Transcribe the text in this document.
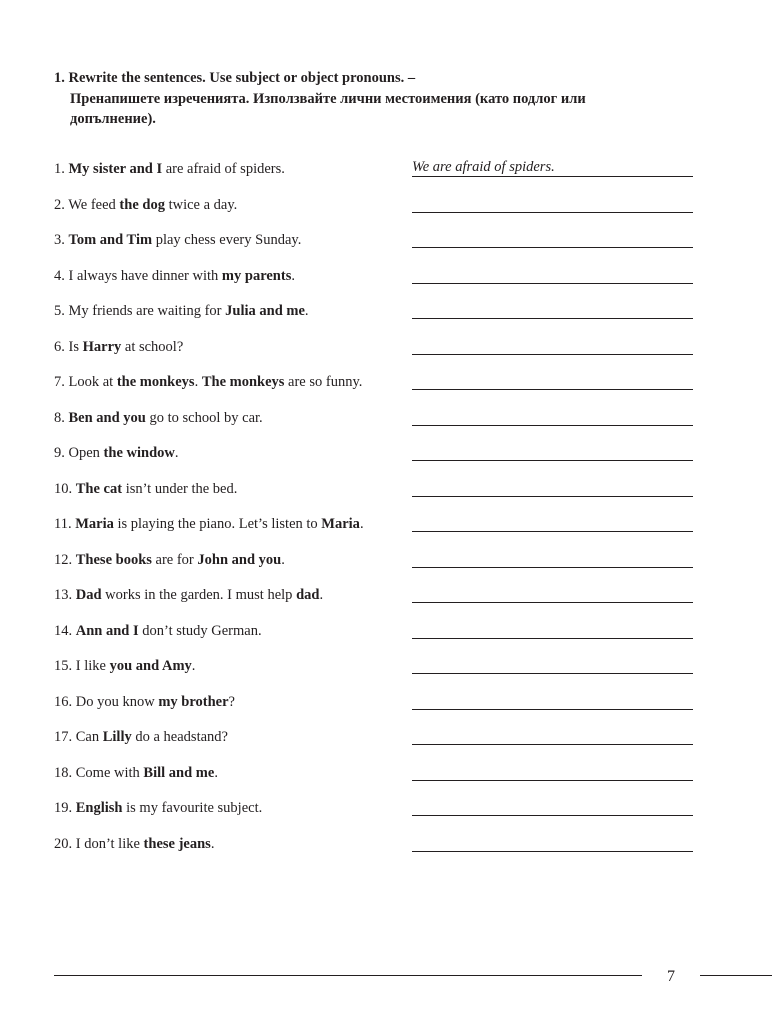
1. Rewrite the sentences. Use subject or object pronouns. –
Пренапишете изреченията. Използвайте лични местоимения (като подлог или
допълнение).
1. My sister and I are afraid of spiders.	We are afraid of spiders.
2. We feed the dog twice a day.
3. Tom and Tim play chess every Sunday.
4. I always have dinner with my parents.
5. My friends are waiting for Julia and me.
6. Is Harry at school?
7. Look at the monkeys. The monkeys are so funny.
8. Ben and you go to school by car.
9. Open the window.
10. The cat isn’t under the bed.
11. Maria is playing the piano. Let’s listen to Maria.
12. These books are for John and you.
13. Dad works in the garden. I must help dad.
14. Ann and I don’t study German.
15. I like you and Amy.
16. Do you know my brother?
17. Can Lilly do a headstand?
18. Come with Bill and me.
19. English is my favourite subject.
20. I don’t like these jeans.
7
